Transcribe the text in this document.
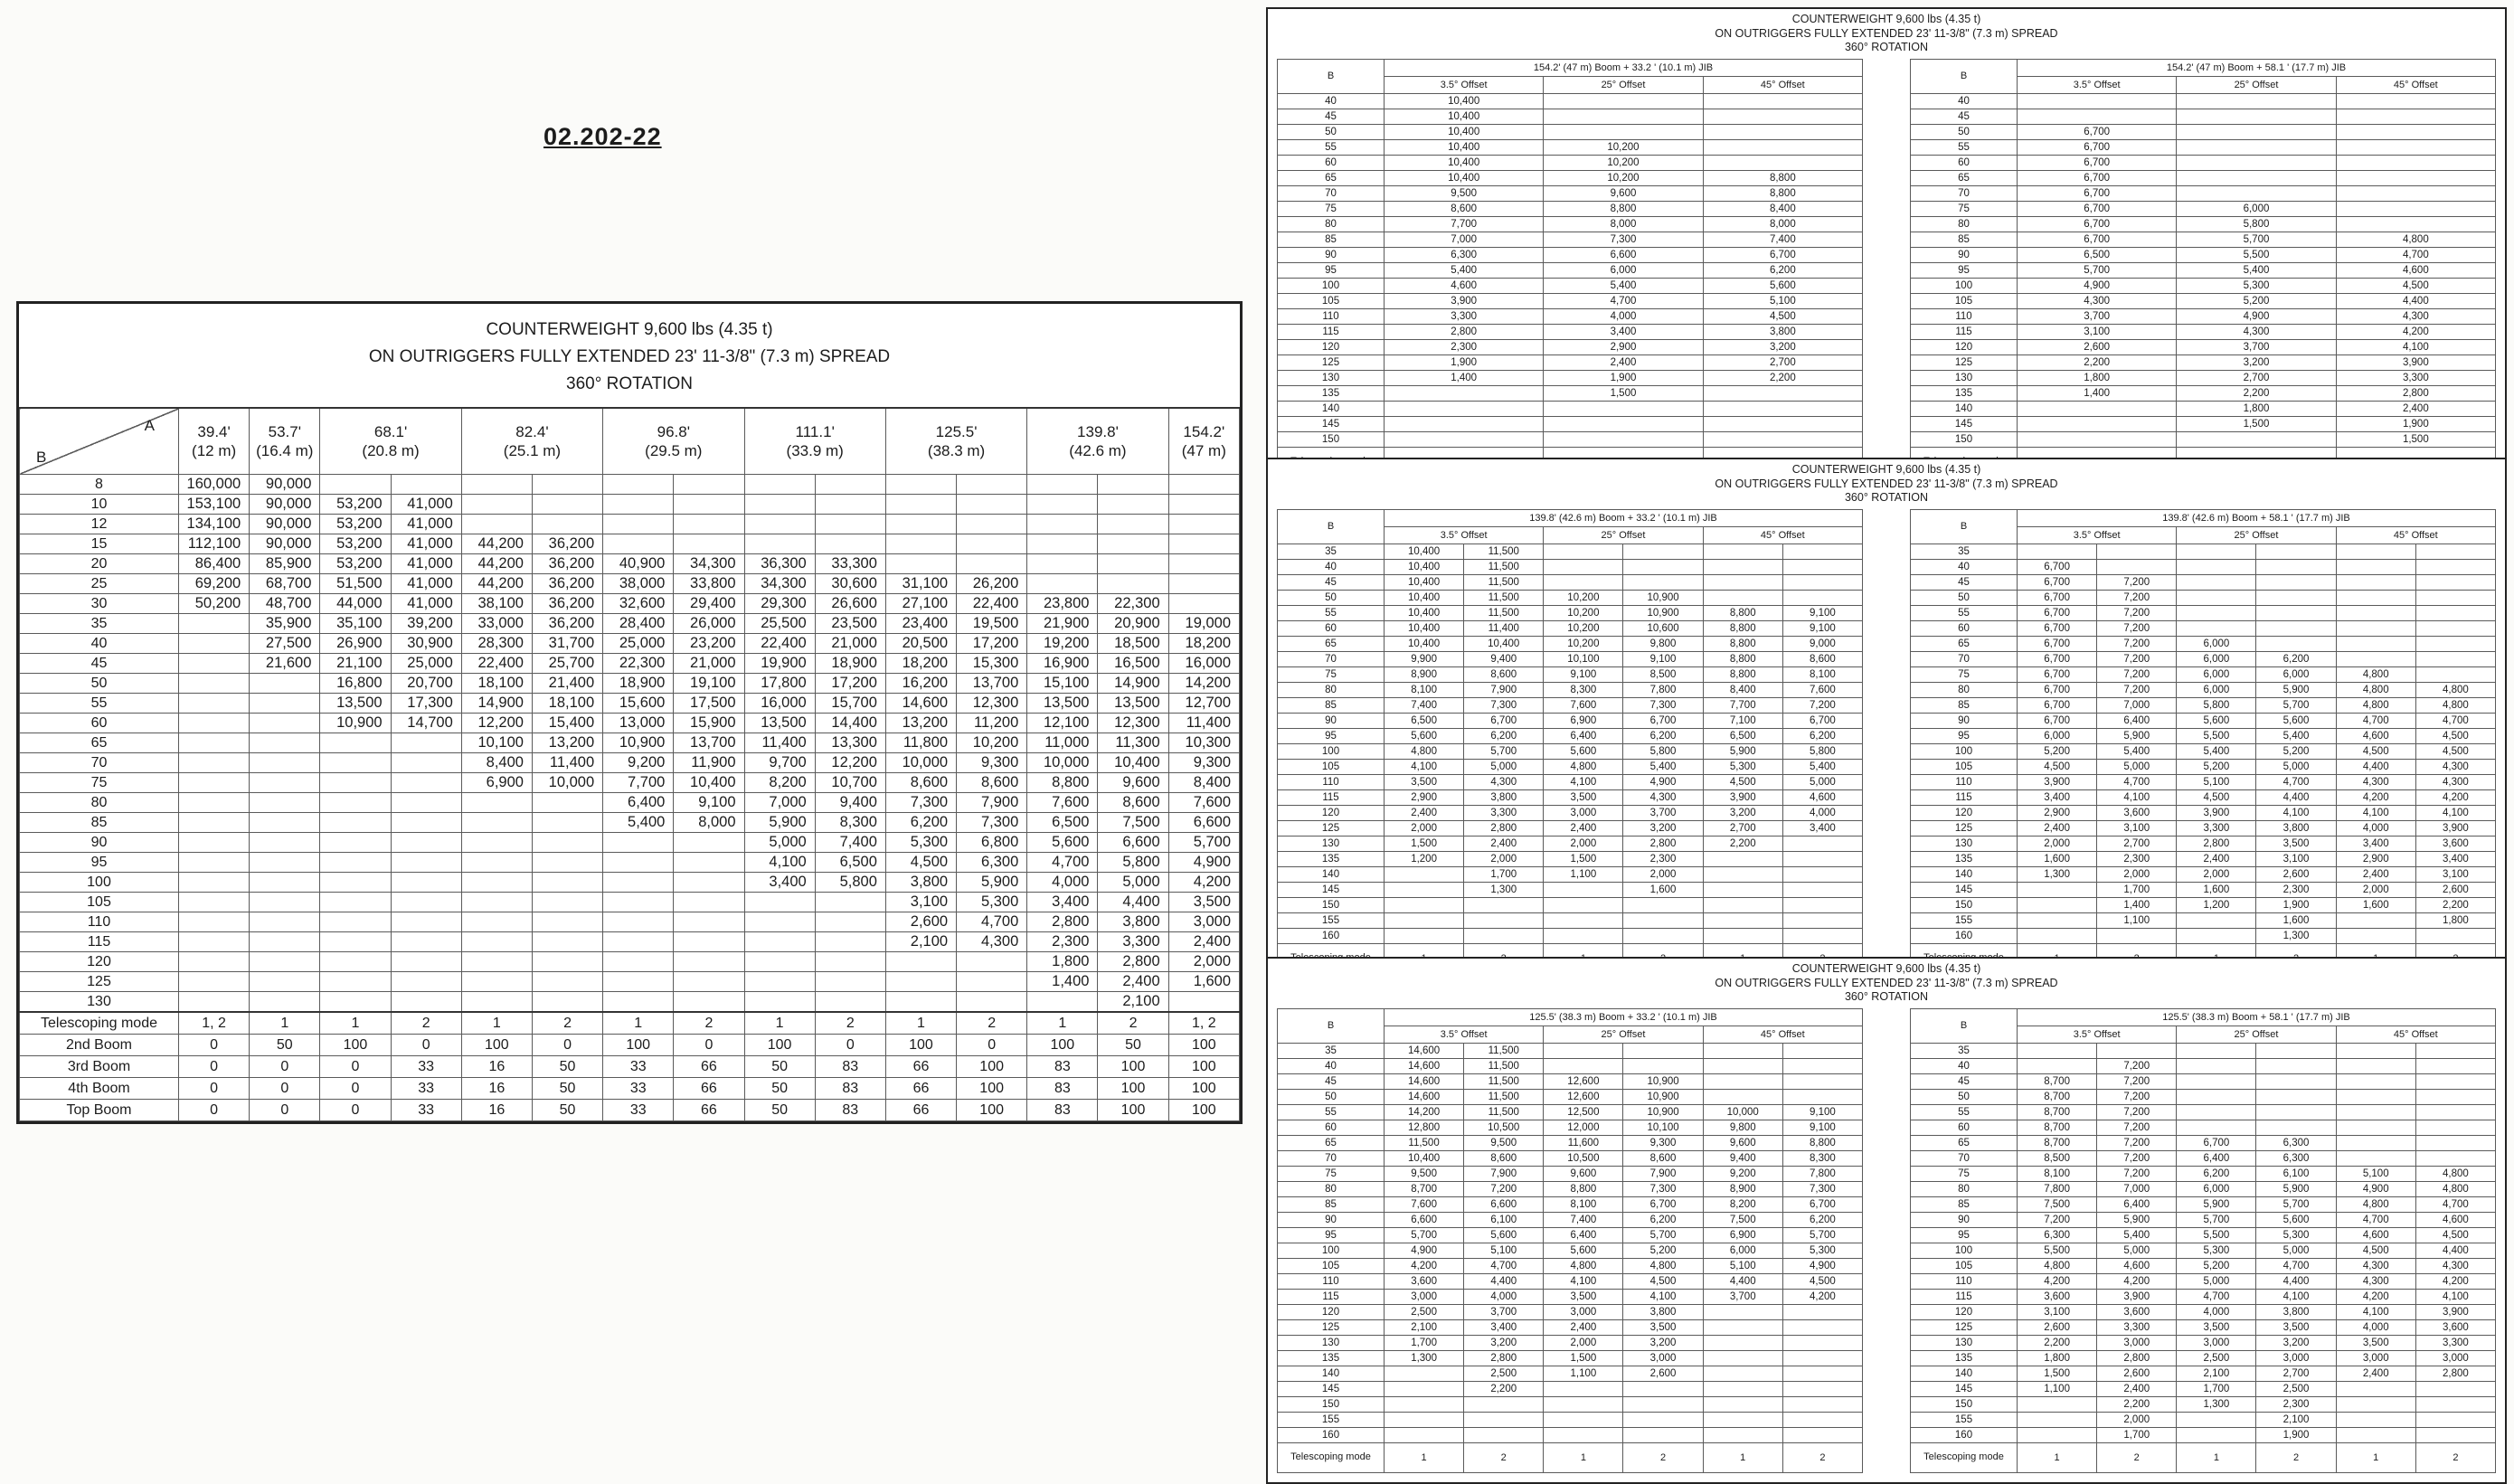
02.202-22
COUNTERWEIGHT 9,600 lbs (4.35 t)
ON OUTRIGGERS FULLY EXTENDED 23' 11-3/8" (7.3 m) SPREAD
360° ROTATION
A
B

39.4'
(12 m)

53.7'
(16.4 m)

68.1'
(20.8 m)

82.4'
(25.1 m)

96.8'
(29.5 m)

111.1'
(33.9 m)

125.5'
(38.3 m)

139.8'
(42.6 m)

154.2'
(47 m)

8	160,000	90,000													
10	153,100	90,000	53,200	41,000											
12	134,100	90,000	53,200	41,000											
15	112,100	90,000	53,200	41,000	44,200	36,200									
20	86,400	85,900	53,200	41,000	44,200	36,200	40,900	34,300	36,300	33,300					
25	69,200	68,700	51,500	41,000	44,200	36,200	38,000	33,800	34,300	30,600	31,100	26,200			
30	50,200	48,700	44,000	41,000	38,100	36,200	32,600	29,400	29,300	26,600	27,100	22,400	23,800	22,300	
35		35,900	35,100	39,200	33,000	36,200	28,400	26,000	25,500	23,500	23,400	19,500	21,900	20,900	19,000
40		27,500	26,900	30,900	28,300	31,700	25,000	23,200	22,400	21,000	20,500	17,200	19,200	18,500	18,200
45		21,600	21,100	25,000	22,400	25,700	22,300	21,000	19,900	18,900	18,200	15,300	16,900	16,500	16,000
50			16,800	20,700	18,100	21,400	18,900	19,100	17,800	17,200	16,200	13,700	15,100	14,900	14,200
55			13,500	17,300	14,900	18,100	15,600	17,500	16,000	15,700	14,600	12,300	13,500	13,500	12,700
60			10,900	14,700	12,200	15,400	13,000	15,900	13,500	14,400	13,200	11,200	12,100	12,300	11,400
65					10,100	13,200	10,900	13,700	11,400	13,300	11,800	10,200	11,000	11,300	10,300
70					8,400	11,400	9,200	11,900	9,700	12,200	10,000	9,300	10,000	10,400	9,300
75					6,900	10,000	7,700	10,400	8,200	10,700	8,600	8,600	8,800	9,600	8,400
80							6,400	9,100	7,000	9,400	7,300	7,900	7,600	8,600	7,600
85							5,400	8,000	5,900	8,300	6,200	7,300	6,500	7,500	6,600
90									5,000	7,400	5,300	6,800	5,600	6,600	5,700
95									4,100	6,500	4,500	6,300	4,700	5,800	4,900
100									3,400	5,800	3,800	5,900	4,000	5,000	4,200
105											3,100	5,300	3,400	4,400	3,500
110											2,600	4,700	2,800	3,800	3,000
115											2,100	4,300	2,300	3,300	2,400
120													1,800	2,800	2,000
125													1,400	2,400	1,600
130														2,100	
Telescoping mode	1, 2	1	1	2	1	2	1	2	1	2	1	2	1	2	1, 2
2nd Boom	0	50	100	0	100	0	100	0	100	0	100	0	100	50	100
3rd Boom	0	0	0	33	16	50	33	66	50	83	66	100	83	100	100
4th Boom	0	0	0	33	16	50	33	66	50	83	66	100	83	100	100
Top Boom	0	0	0	33	16	50	33	66	50	83	66	100	83	100	100
COUNTERWEIGHT 9,600 lbs (4.35 t)
ON OUTRIGGERS FULLY EXTENDED 23' 11-3/8" (7.3 m) SPREAD
360° ROTATION
B	154.2' (47 m) Boom + 33.2 ' (10.1 m) JIB		
	3.5° Offset	25° Offset	45° Offset
40	10,400		
45	10,400		
50	10,400		
55	10,400	10,200	
60	10,400	10,200	
65	10,400	10,200	8,800
70	9,500	9,600	8,800
75	8,600	8,800	8,400
80	7,700	8,000	8,000
85	7,000	7,300	7,400
90	6,300	6,600	6,700
95	5,400	6,000	6,200
100	4,600	5,400	5,600
105	3,900	4,700	5,100
110	3,300	4,000	4,500
115	2,800	3,400	3,800
120	2,300	2,900	3,200
125	1,900	2,400	2,700
130	1,400	1,900	2,200
135		1,500	
140			
145			
150			

B	154.2' (47 m) Boom + 58.1 ' (17.7 m) JIB		
	3.5° Offset	25° Offset	45° Offset
40			
45			
50	6,700		
55	6,700		
60	6,700		
65	6,700		
70	6,700		
75	6,700	6,000	
80	6,700	5,800	
85	6,700	5,700	4,800
90	6,500	5,500	4,700
95	5,700	5,400	4,600
100	4,900	5,300	4,500
105	4,300	5,200	4,400
110	3,700	4,900	4,300
115	3,100	4,300	4,200
120	2,600	3,700	4,100
125	2,200	3,200	3,900
130	1,800	2,700	3,300
135	1,400	2,200	2,800
140		1,800	2,400
145		1,500	1,900
150			1,500

COUNTERWEIGHT 9,600 lbs (4.35 t)
ON OUTRIGGERS FULLY EXTENDED 23' 11-3/8" (7.3 m) SPREAD
360° ROTATION
B	139.8' (42.6 m) Boom + 33.2 ' (10.1 m) JIB					
	3.5° Offset		25° Offset		45° Offset	
35	10,400	11,500				
40	10,400	11,500				
45	10,400	11,500				
50	10,400	11,500	10,200	10,900		
55	10,400	11,500	10,200	10,900	8,800	9,100
60	10,400	11,400	10,200	10,600	8,800	9,100
65	10,400	10,400	10,200	9,800	8,800	9,000
70	9,900	9,400	10,100	9,100	8,800	8,600
75	8,900	8,600	9,100	8,500	8,800	8,100
80	8,100	7,900	8,300	7,800	8,400	7,600
85	7,400	7,300	7,600	7,300	7,700	7,200
90	6,500	6,700	6,900	6,700	7,100	6,700
95	5,600	6,200	6,400	6,200	6,500	6,200
100	4,800	5,700	5,600	5,800	5,900	5,800
105	4,100	5,000	4,800	5,400	5,300	5,400
110	3,500	4,300	4,100	4,900	4,500	5,000
115	2,900	3,800	3,500	4,300	3,900	4,600
120	2,400	3,300	3,000	3,700	3,200	4,000
125	2,000	2,800	2,400	3,200	2,700	3,400
130	1,500	2,400	2,000	2,800	2,200	
135	1,200	2,000	1,500	2,300		
140		1,700	1,100	2,000		
145		1,300		1,600		
150						
155						
160						

B	139.8' (42.6 m) Boom + 58.1 ' (17.7 m) JIB					
	3.5° Offset		25° Offset		45° Offset	
35						
40	6,700					
45	6,700	7,200				
50	6,700	7,200				
55	6,700	7,200				
60	6,700	7,200				
65	6,700	7,200	6,000			
70	6,700	7,200	6,000	6,200		
75	6,700	7,200	6,000	6,000	4,800	
80	6,700	7,200	6,000	5,900	4,800	4,800
85	6,700	7,000	5,800	5,700	4,800	4,800
90	6,700	6,400	5,600	5,600	4,700	4,700
95	6,000	5,900	5,500	5,400	4,600	4,500
100	5,200	5,400	5,400	5,200	4,500	4,500
105	4,500	5,000	5,200	5,000	4,400	4,300
110	3,900	4,700	5,100	4,700	4,300	4,300
115	3,400	4,100	4,500	4,400	4,200	4,200
120	2,900	3,600	3,900	4,100	4,100	4,100
125	2,400	3,100	3,300	3,800	4,000	3,900
130	2,000	2,700	2,800	3,500	3,400	3,600
135	1,600	2,300	2,400	3,100	2,900	3,400
140	1,300	2,000	2,000	2,600	2,400	3,100
145		1,700	1,600	2,300	2,000	2,600
150		1,400	1,200	1,900	1,600	2,200
155		1,100		1,600		1,800
160				1,300		

COUNTERWEIGHT 9,600 lbs (4.35 t)
ON OUTRIGGERS FULLY EXTENDED 23' 11-3/8" (7.3 m) SPREAD
360° ROTATION
B	125.5' (38.3 m) Boom + 33.2 ' (10.1 m) JIB					
	3.5° Offset		25° Offset		45° Offset	
35	14,600	11,500				
40	14,600	11,500				
45	14,600	11,500	12,600	10,900		
50	14,600	11,500	12,600	10,900		
55	14,200	11,500	12,500	10,900	10,000	9,100
60	12,800	10,500	12,000	10,100	9,800	9,100
65	11,500	9,500	11,600	9,300	9,600	8,800
70	10,400	8,600	10,500	8,600	9,400	8,300
75	9,500	7,900	9,600	7,900	9,200	7,800
80	8,700	7,200	8,800	7,300	8,900	7,300
85	7,600	6,600	8,100	6,700	8,200	6,700
90	6,600	6,100	7,400	6,200	7,500	6,200
95	5,700	5,600	6,400	5,700	6,900	5,700
100	4,900	5,100	5,600	5,200	6,000	5,300
105	4,200	4,700	4,800	4,800	5,100	4,900
110	3,600	4,400	4,100	4,500	4,400	4,500
115	3,000	4,000	3,500	4,100	3,700	4,200
120	2,500	3,700	3,000	3,800		
125	2,100	3,400	2,400	3,500		
130	1,700	3,200	2,000	3,200		
135	1,300	2,800	1,500	3,000		
140		2,500	1,100	2,600		
145		2,200				
150						
155						
160						
Telescoping mode	1	2	1	2	1	2
B	125.5' (38.3 m) Boom + 58.1 ' (17.7 m) JIB					
	3.5° Offset		25° Offset		45° Offset	
35						
40		7,200				
45	8,700	7,200				
50	8,700	7,200				
55	8,700	7,200				
60	8,700	7,200				
65	8,700	7,200	6,700	6,300		
70	8,500	7,200	6,400	6,300		
75	8,100	7,200	6,200	6,100	5,100	4,800
80	7,800	7,000	6,000	5,900	4,900	4,800
85	7,500	6,400	5,900	5,700	4,800	4,700
90	7,200	5,900	5,700	5,600	4,700	4,600
95	6,300	5,400	5,500	5,300	4,600	4,500
100	5,500	5,000	5,300	5,000	4,500	4,400
105	4,800	4,600	5,200	4,700	4,300	4,300
110	4,200	4,200	5,000	4,400	4,300	4,200
115	3,600	3,900	4,700	4,100	4,200	4,100
120	3,100	3,600	4,000	3,800	4,100	3,900
125	2,600	3,300	3,500	3,500	4,000	3,600
130	2,200	3,000	3,000	3,200	3,500	3,300
135	1,800	2,800	2,500	3,000	3,000	3,000
140	1,500	2,600	2,100	2,700	2,400	2,800
145	1,100	2,400	1,700	2,500		
150		2,200	1,300	2,300		
155		2,000		2,100		
160		1,700		1,900		
Telescoping mode	1	2	1	2	1	2
